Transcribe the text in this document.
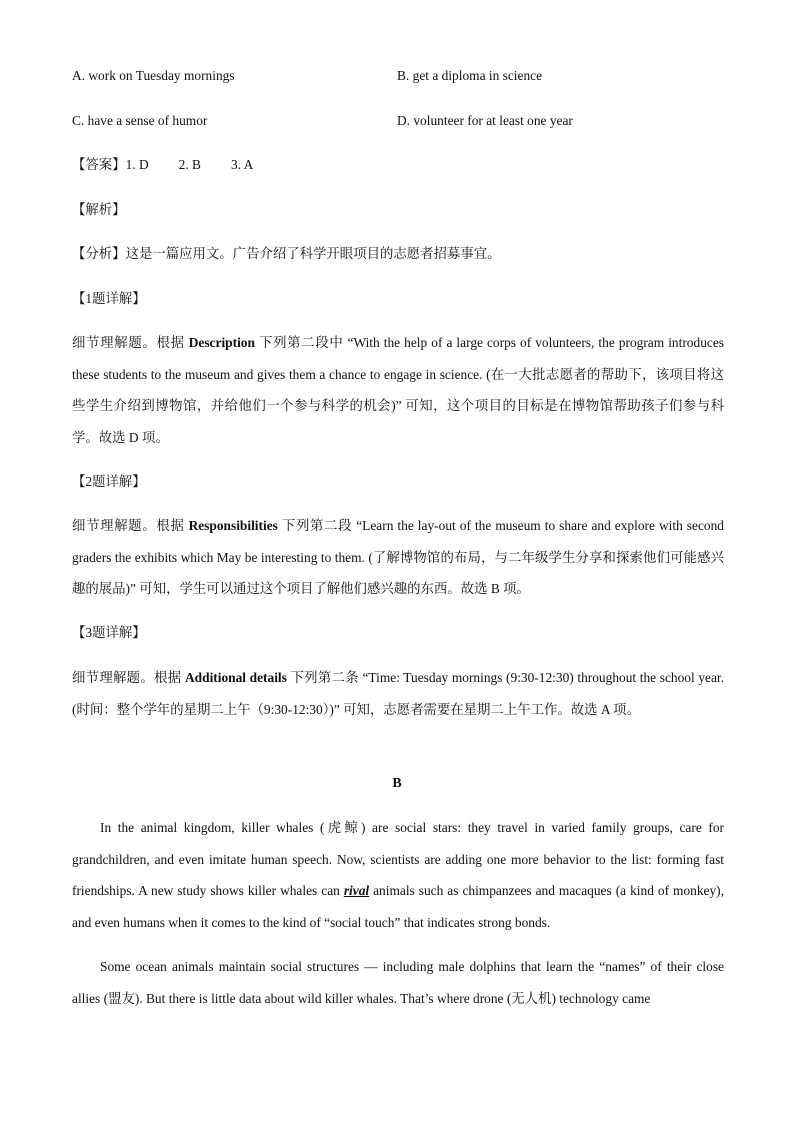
A. work on Tuesday mornings	B. get a diploma in science
C. have a sense of humor	D. volunteer for at least one year
【答案】1. D 2. B 3. A
【解析】
【分析】这是一篇应用文。广告介绍了科学开眼项目的志愿者招募事宜。
【1题详解】
细节理解题。根据 Description 下列第二段中 “With the help of a large corps of volunteers, the program introduces these students to the museum and gives them a chance to engage in science. (在一大批志愿者的帮助下，该项目将这些学生介绍到博物馆，并给他们一个参与科学的机会)” 可知，这个项目的目标是在博物馆帮助孩子们参与科学。故选 D 项。
【2题详解】
细节理解题。根据 Responsibilities 下列第二段 “Learn the lay-out of the museum to share and explore with second graders the exhibits which May be interesting to them. (了解博物馆的布局，与二年级学生分享和探索他们可能感兴趣的展品)” 可知，学生可以通过这个项目了解他们感兴趣的东西。故选 B 项。
【3题详解】
细节理解题。根据 Additional details 下列第二条 “Time: Tuesday mornings (9:30-12:30) throughout the school year. (时间：整个学年的星期二上午（9:30-12:30）)” 可知，志愿者需要在星期二上午工作。故选 A 项。
B
In the animal kingdom, killer whales (虎鲸) are social stars: they travel in varied family groups, care for grandchildren, and even imitate human speech. Now, scientists are adding one more behavior to the list: forming fast friendships. A new study shows killer whales can rival animals such as chimpanzees and macaques (a kind of monkey), and even humans when it comes to the kind of “social touch” that indicates strong bonds.
Some ocean animals maintain social structures — including male dolphins that learn the “names” of their close allies (盟友). But there is little data about wild killer whales. That’s where drone (无人机) technology came
